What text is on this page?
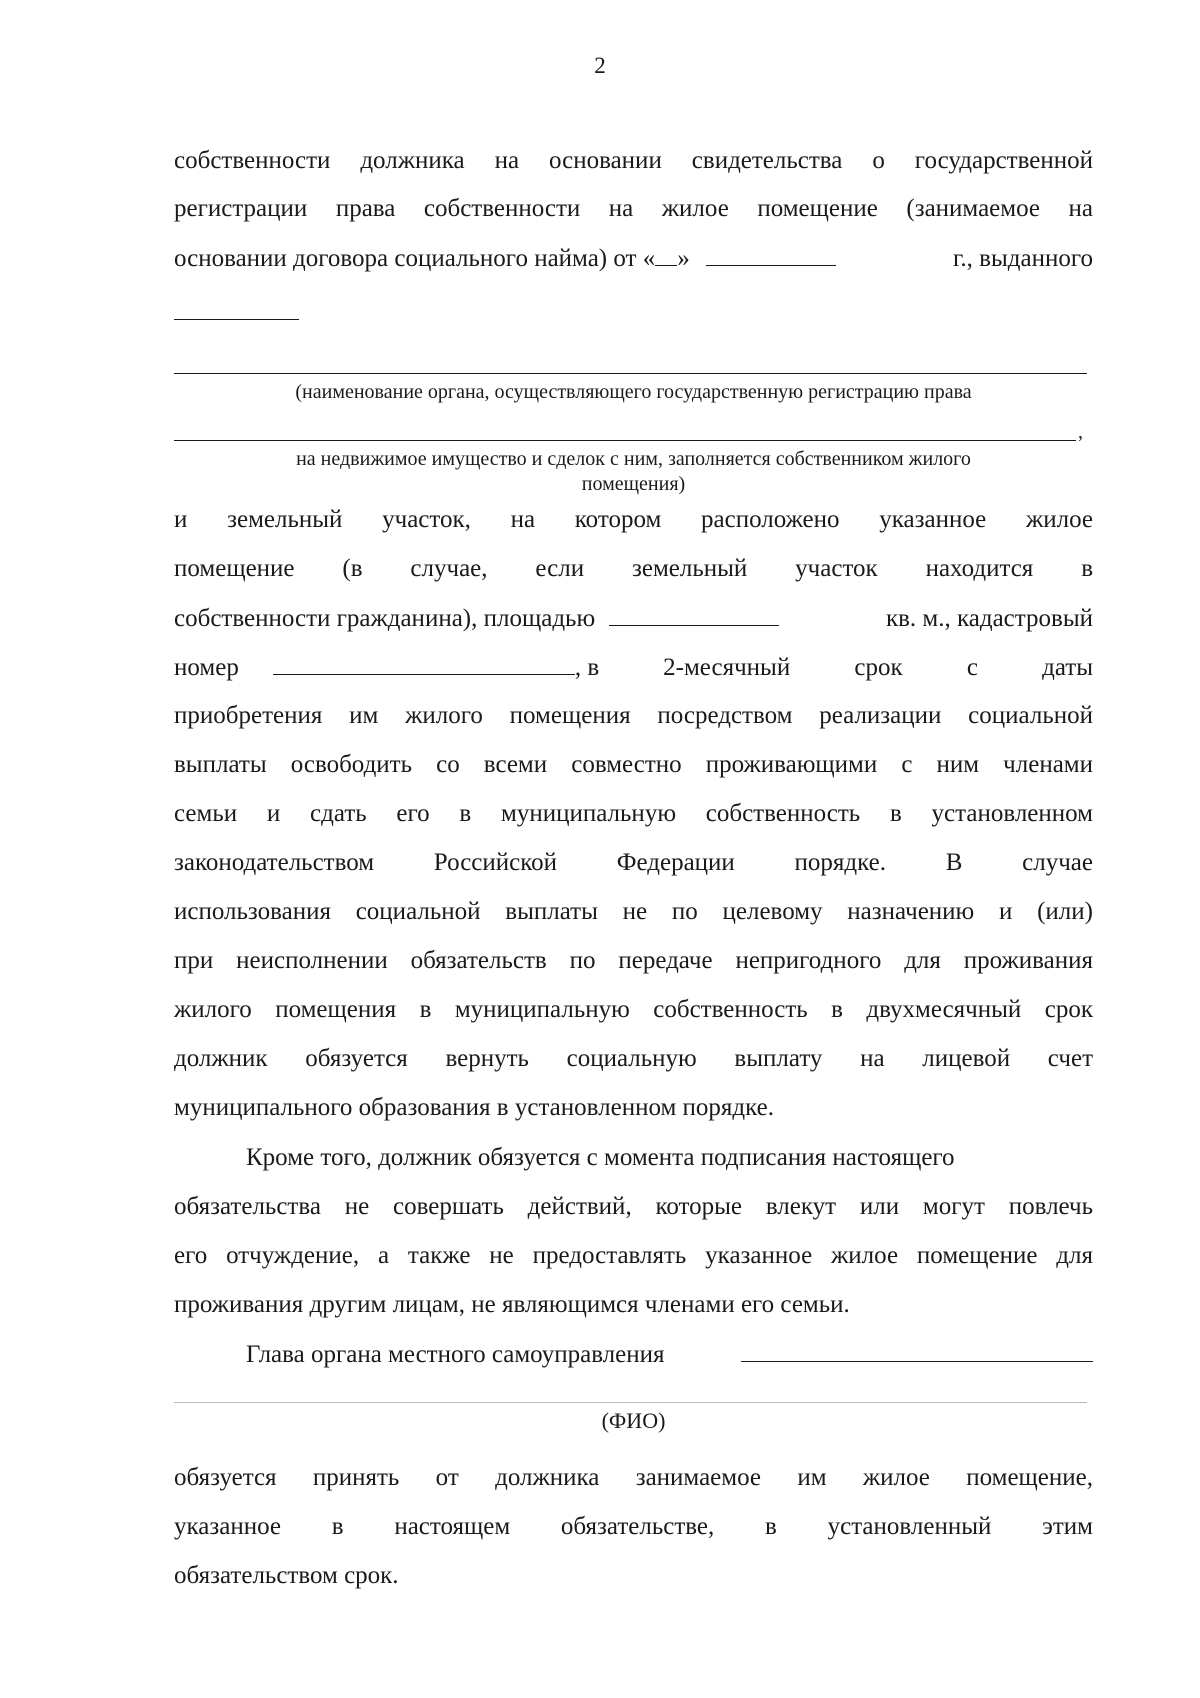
2
собственности должника на основании свидетельства о государственной
регистрации права собственности на жилое помещение (занимаемое на
основании договора социального найма) от « »	г., выданного
(наименование органа, осуществляющего государственную регистрацию права
,
на недвижимое имущество и сделок с ним, заполняется собственником жилого
помещения)
и земельный участок, на котором расположено указанное жилое
помещение (в случае, если земельный участок находится в
собственности гражданина), площадью	кв. м., кадастровый
номер	, в	2-месячный срок с даты
приобретения им жилого помещения посредством реализации социальной
выплаты освободить со всеми совместно проживающими с ним членами
семьи и сдать его в муниципальную собственность в установленном
законодательством Российской Федерации порядке. В случае
использования социальной выплаты не по целевому назначению и (или)
при неисполнении обязательств по передаче непригодного для проживания
жилого помещения в муниципальную собственность в двухмесячный срок
должник обязуется вернуть социальную выплату на лицевой счет
муниципального образования в установленном порядке.
Кроме того, должник обязуется с момента подписания настоящего
обязательства не совершать действий, которые влекут или могут повлечь
его отчуждение, а также не предоставлять указанное жилое помещение для
проживания другим лицам, не являющимся членами его семьи.
Глава органа местного самоуправления
(ФИО)
обязуется принять от должника занимаемое им жилое помещение,
указанное в настоящем обязательстве, в установленный этим
обязательством срок.
